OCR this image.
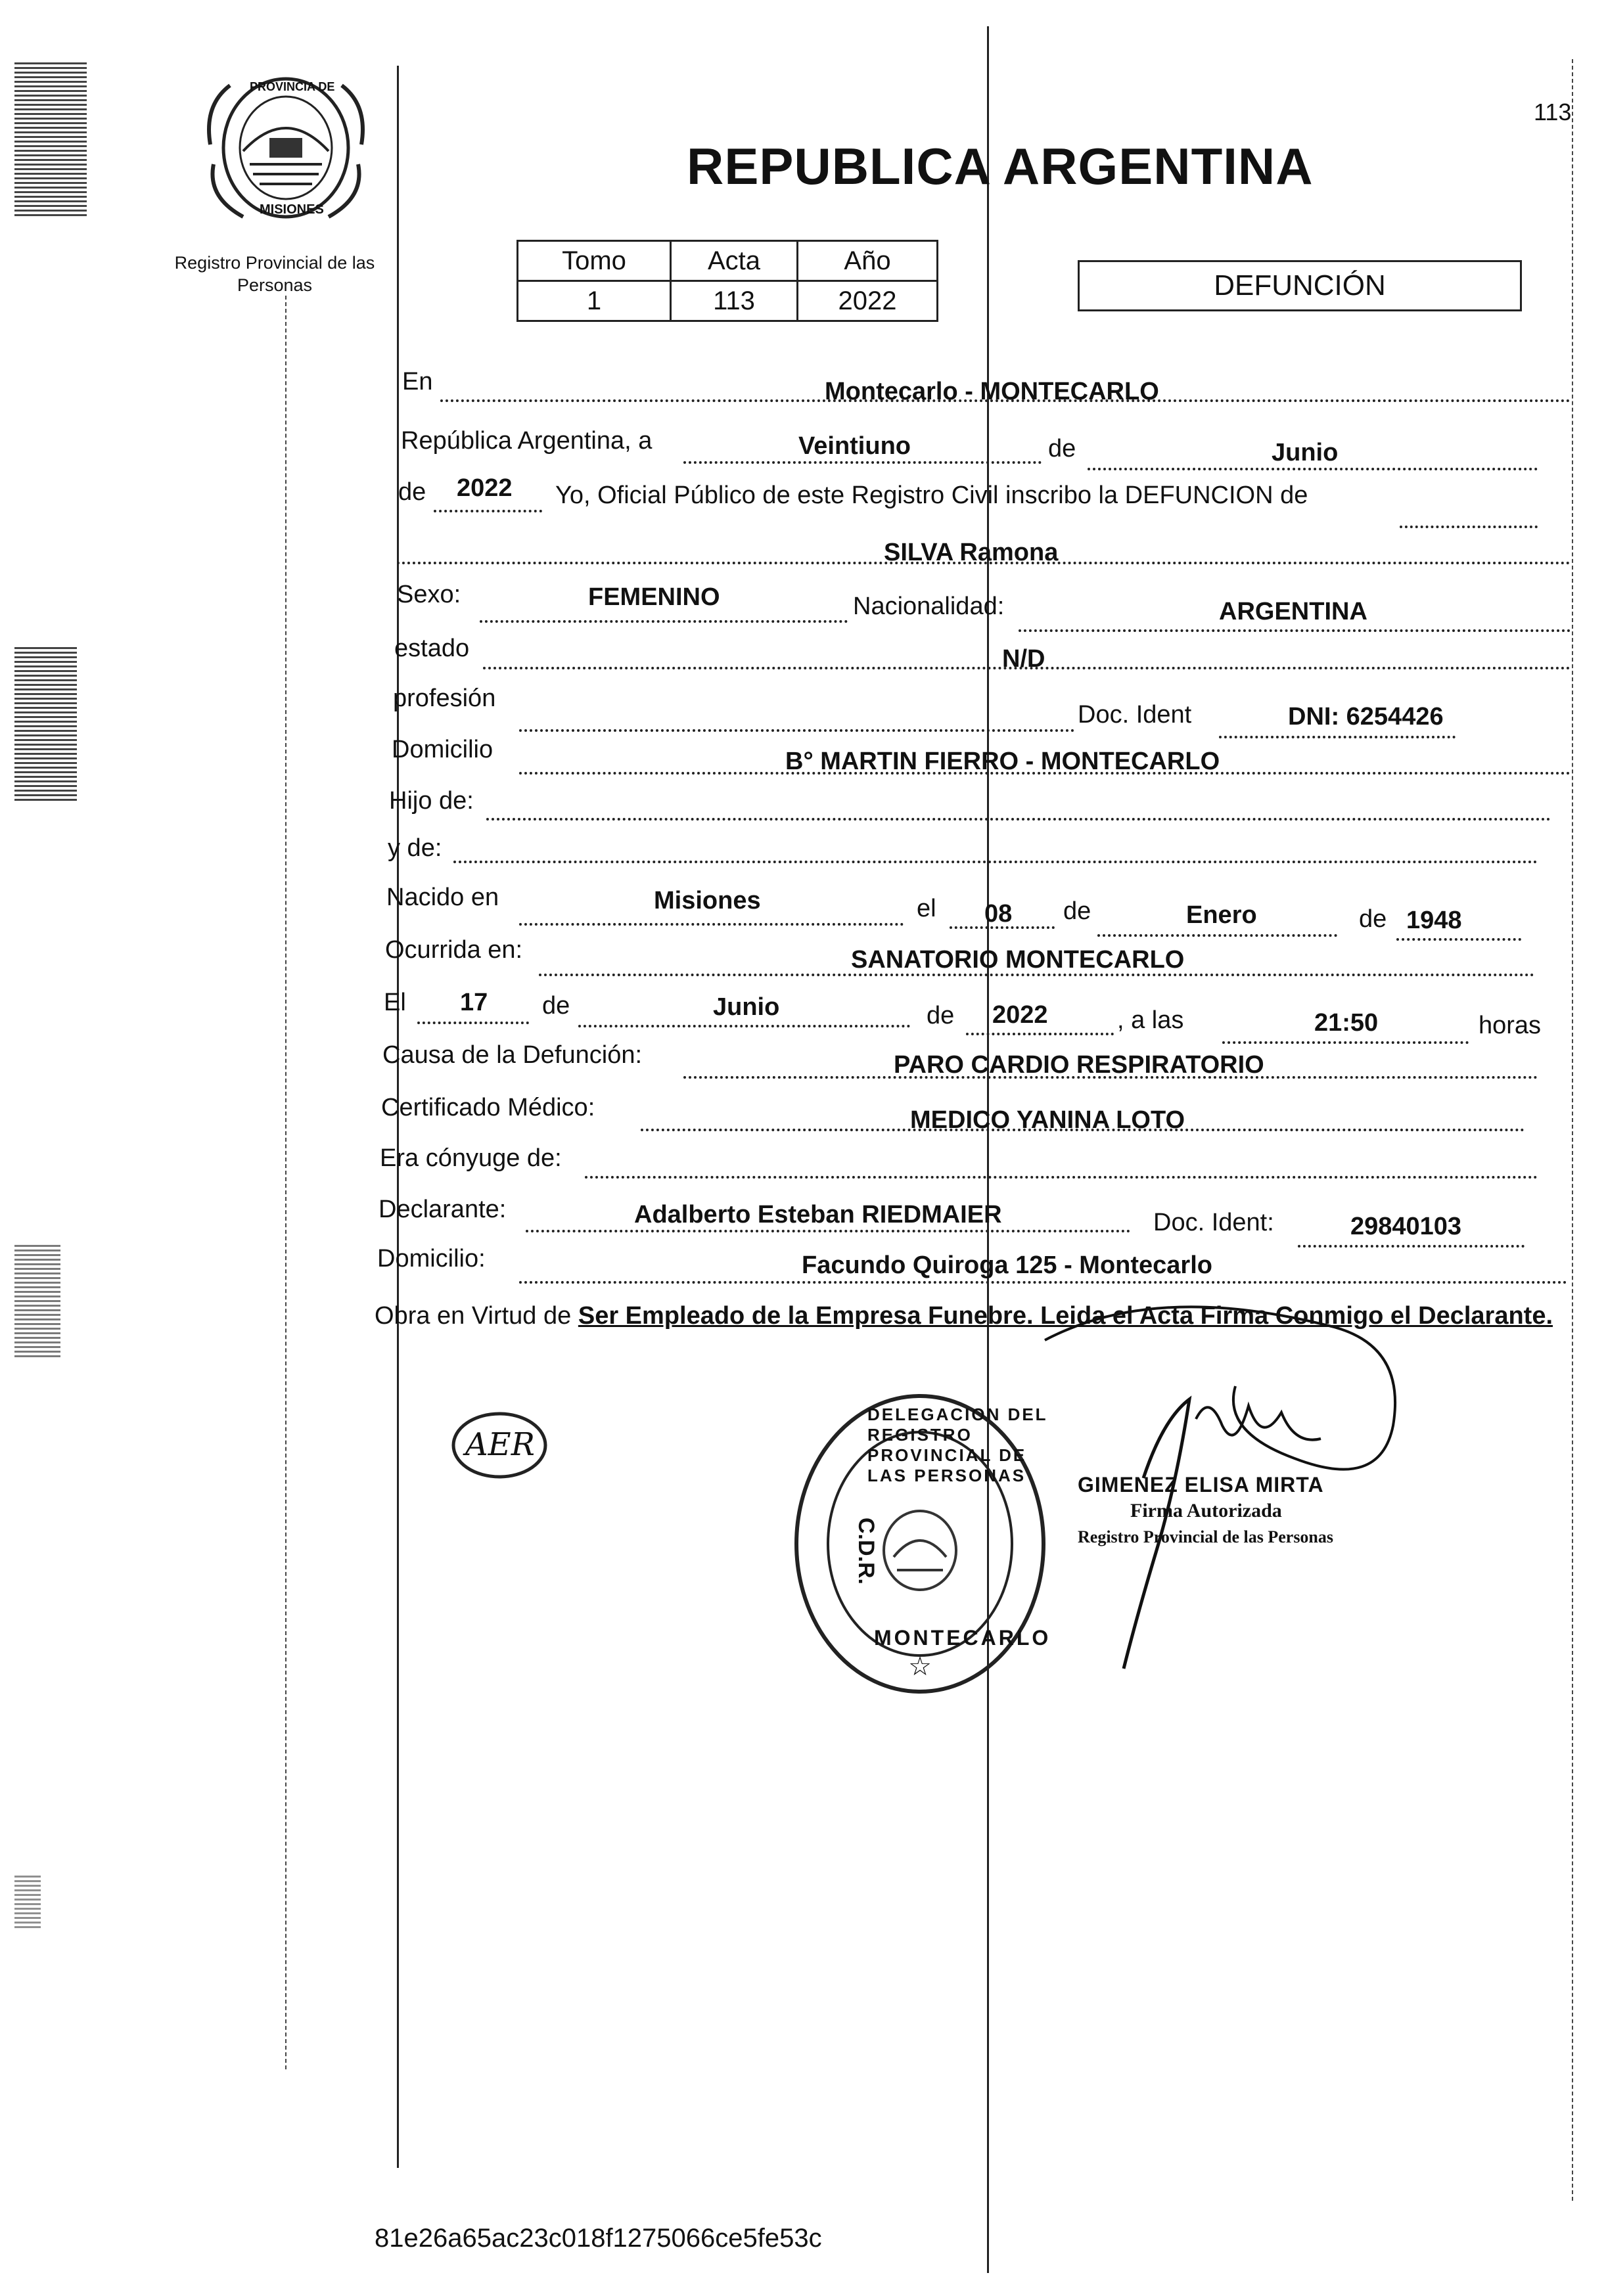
PROVINCIA DE
MISIONES
Registro Provincial de las Personas
113
REPUBLICA ARGENTINA
Tomo	Acta	Año
1	113	2022	DEFUNCIÓN
En	Montecarlo - MONTECARLO
República Argentina, a	Veintiuno	de	Junio
de 2022 Yo, Oficial Público de este Registro Civil inscribo la DEFUNCION de
SILVA Ramona
Sexo:	FEMENINO	Nacionalidad:	ARGENTINA
estado	N/D
profesión
Doc. Ident	DNI: 6254426
Domicilio	B° MARTIN FIERRO - MONTECARLO
Hijo de:
y de:
Nacido en	Misiones	el 08 de	Enero	de 1948
Ocurrida en:	SANATORIO MONTECARLO
El 17 de	Junio	de 2022	, a las	21:50	horas
Causa de la Defunción:	PARO CARDIO RESPIRATORIO
Certificado Médico:	MEDICO YANINA LOTO
Era cónyuge de:
Declarante:	Adalberto Esteban RIEDMAIER	Doc. Ident:	29840103
Domicilio:	Facundo Quiroga 125 - Montecarlo
Obra en Virtud de Ser Empleado de la Empresa Funebre. Leida el Acta Firma Conmigo el Declarante.
AER
☆
DELEGACION DEL REGISTRO PROVINCIAL DE LAS PERSONAS
C.D.R.
MONTECARLO
GIMENEZ ELISA MIRTA
Firma Autorizada
Registro Provincial de las Personas
81e26a65ac23c018f1275066ce5fe53c
